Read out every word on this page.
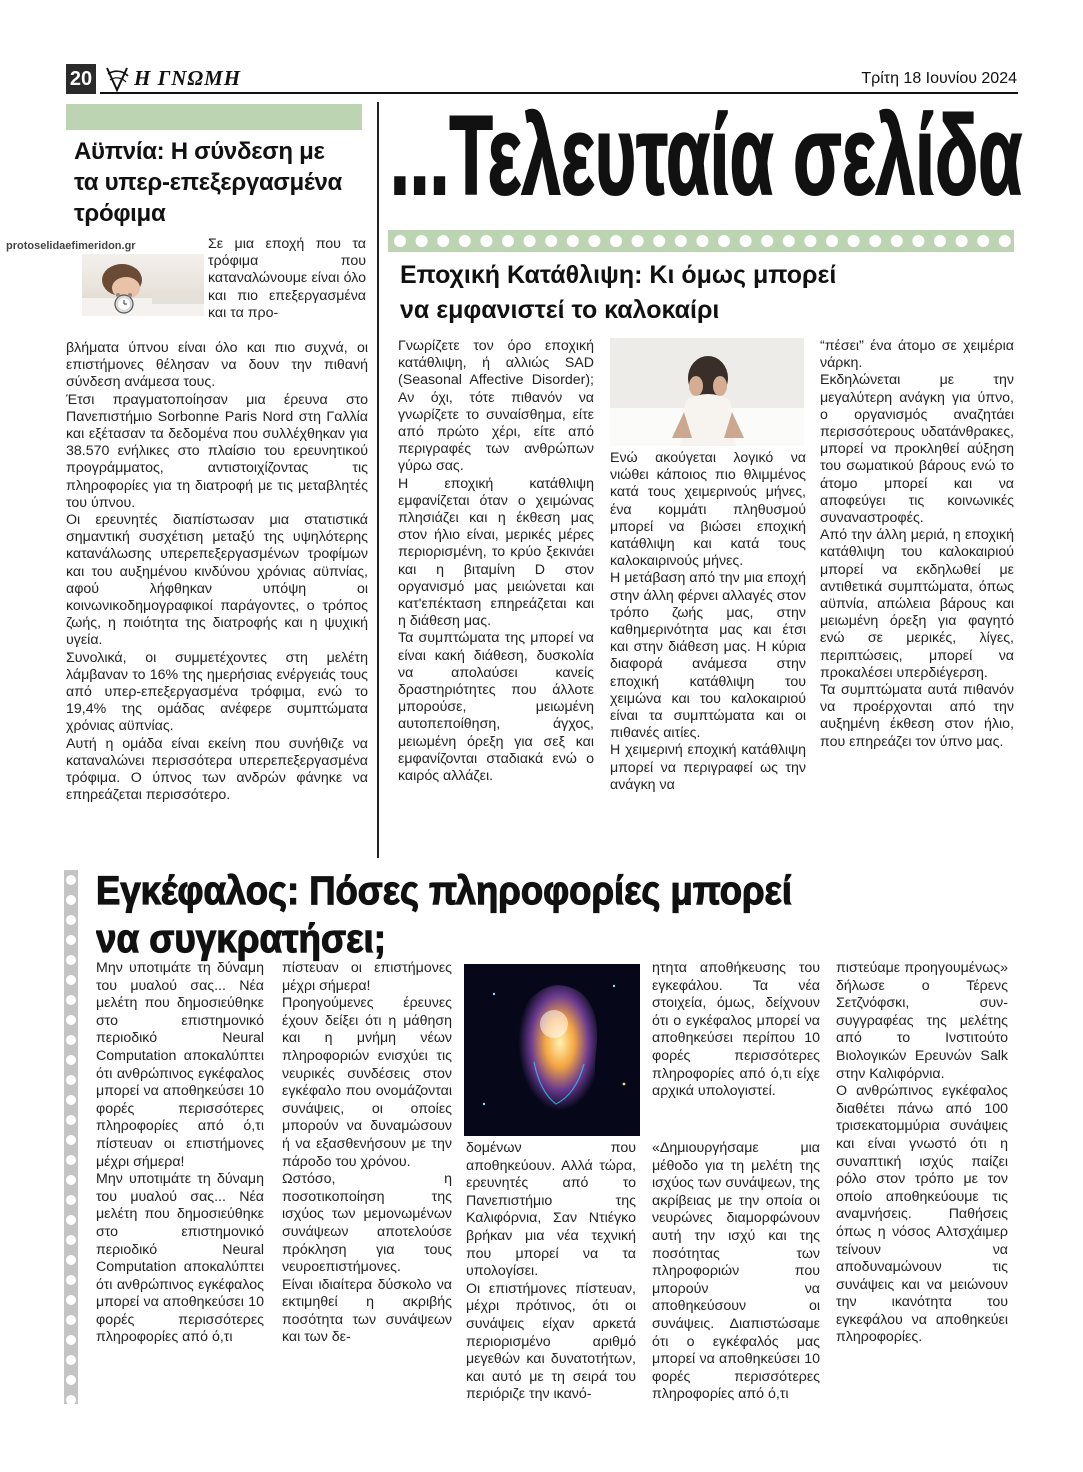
20 Η ΓΝΩΜΗ	Τρίτη 18 Ιουνίου 2024
Αϋπνία: Η σύνδεση με
τα υπερ-επεξεργασμένα
τρόφιμα
protoselidaefimeridon.gr	Σε μια εποχή που τα τρόφιμα που καταναλώνουμε είναι όλο και πιο επεξεργασμένα και τα προ-

βλήματα ύπνου είναι όλο και πιο συχνά, οι επιστήμονες θέλησαν να δουν την πιθανή σύνδεση ανάμεσα τους.

Έτσι πραγματοποίησαν μια έρευνα στο Πανεπιστήμιο Sorbonne Paris Nord στη Γαλλία και εξέτασαν τα δεδομένα που συλλέχθηκαν για 38.570 ενήλικες στο πλαίσιο του ερευνητικού προγράμματος, αντιστοιχίζοντας τις πληροφορίες για τη διατροφή με τις μεταβλητές του ύπνου.

Οι ερευνητές διαπίστωσαν μια στατιστικά σημαντική συσχέτιση μεταξύ της υψηλότερης κατανάλωσης υπερεπεξεργασμένων τροφίμων και του αυξημένου κινδύνου χρόνιας αϋπνίας, αφού λήφθηκαν υπόψη οι κοινωνικοδημογραφικοί παράγοντες, ο τρόπος ζωής, η ποιότητα της διατροφής και η ψυχική υγεία.

Συνολικά, οι συμμετέχοντες στη μελέτη λάμβαναν το 16% της ημερήσιας ενέργειάς τους από υπερ-επεξεργασμένα τρόφιμα, ενώ το 19,4% της ομάδας ανέφερε συμπτώματα χρόνιας αϋπνίας.

Αυτή η ομάδα είναι εκείνη που συνήθιζε να καταναλώνει περισσότερα υπερεπεξεργασμένα τρόφιμα. Ο ύπνος των ανδρών φάνηκε να επηρεάζεται περισσότερο.

...Τελευταία σελίδα
Εποχική Κατάθλιψη: Κι όμως μπορεί
να εμφανιστεί το καλοκαίρι

Γνωρίζετε τον όρο εποχική κατάθλιψη, ή αλλιώς SAD (Seasonal Affective Disorder); Αν όχι, τότε πιθανόν να γνωρίζετε το συναίσθημα, είτε από πρώτο χέρι, είτε από περιγραφές των ανθρώπων γύρω σας.

Η εποχική κατάθλιψη εμφανίζεται όταν ο χειμώνας πλησιάζει και η έκθεση μας στον ήλιο είναι, μερικές μέρες περιορισμένη, το κρύο ξεκινάει και η βιταμίνη D στον οργανισμό μας μειώνεται και κατ'επέκταση επηρεάζεται και η διάθεση μας.

Τα συμπτώματα της μπορεί να είναι κακή διάθεση, δυσκολία να απολαύσει κανείς δραστηριότητες που άλλοτε μπορούσε, μειωμένη αυτοπεποίθηση, άγχος, μειωμένη όρεξη για σεξ και εμφανίζονται σταδιακά ενώ ο καιρός αλλάζει.

Ενώ ακούγεται λογικό να νιώθει κάποιος πιο θλιμμένος κατά τους χειμερινούς μήνες, ένα κομμάτι πληθυσμού μπορεί να βιώσει εποχική κατάθλιψη και κατά τους καλοκαιρινούς μήνες.

Η μετάβαση από την μια εποχή στην άλλη φέρνει αλλαγές στον τρόπο ζωής μας, στην καθημερινότητα μας και έτσι και στην διάθεση μας. Η κύρια διαφορά ανάμεσα στην εποχική κατάθλιψη του χειμώνα και του καλοκαιριού είναι τα συμπτώματα και οι πιθανές αιτίες.

Η χειμερινή εποχική κατάθλιψη μπορεί να περιγραφεί ως την ανάγκη να

“πέσει” ένα άτομο σε χειμέρια νάρκη.

Εκδηλώνεται με την μεγαλύτερη ανάγκη για ύπνο, ο οργανισμός αναζητάει περισσότερους υδατάνθρακες, μπορεί να προκληθεί αύξηση του σωματικού βάρους ενώ το άτομο μπορεί και να αποφεύγει τις κοινωνικές συναναστροφές.

Από την άλλη μεριά, η εποχική κατάθλιψη του καλοκαιριού μπορεί να εκδηλωθεί με αντιθετικά συμπτώματα, όπως αϋπνία, απώλεια βάρους και μειωμένη όρεξη για φαγητό ενώ σε μερικές, λίγες, περιπτώσεις, μπορεί να προκαλέσει υπερδιέγερση.

Τα συμπτώματα αυτά πιθανόν να προέρχονται από την αυξημένη έκθεση στον ήλιο, που επηρεάζει τον ύπνο μας.

Εγκέφαλος: Πόσες πληροφορίες μπορεί
να συγκρατήσει;

Μην υποτιμάτε τη δύναμη του μυαλού σας... Νέα μελέτη που δημοσιεύθηκε στο επιστημονικό περιοδικό Neural Computation αποκαλύπτει ότι ανθρώπινος εγκέφαλος μπορεί να αποθηκεύσει 10 φορές περισσότερες πληροφορίες από ό,τι πίστευαν οι επιστήμονες μέχρι σήμερα!

Μην υποτιμάτε τη δύναμη του μυαλού σας... Νέα μελέτη που δημοσιεύθηκε στο επιστημονικό περιοδικό Neural Computation αποκαλύπτει ότι ανθρώπινος εγκέφαλος μπορεί να αποθηκεύσει 10 φορές περισσότερες πληροφορίες από ό,τι

πίστευαν οι επιστήμονες μέχρι σήμερα!

Προηγούμενες έρευνες έχουν δείξει ότι η μάθηση και η μνήμη νέων πληροφοριών ενισχύει τις νευρικές συνδέσεις στον εγκέφαλο που ονομάζονται συνάψεις, οι οποίες μπορούν να δυναμώσουν ή να εξασθενήσουν με την πάροδο του χρόνου.

Ωστόσο, η ποσοτικοποίηση της ισχύος των μεμονωμένων συνάψεων αποτελούσε πρόκληση για τους νευροεπιστήμονες.

Είναι ιδιαίτερα δύσκολο να εκτιμηθεί η ακριβής ποσότητα των συνάψεων και των δε-

ητητα αποθήκευσης του εγκεφάλου. Τα νέα στοιχεία, όμως, δείχνουν ότι ο εγκέφαλος μπορεί να αποθηκεύσει περίπου 10 φορές περισσότερες πληροφορίες από ό,τι είχε αρχικά υπολογιστεί.

δομένων που αποθηκεύουν. Αλλά τώρα, ερευνητές από το Πανεπιστήμιο της Καλιφόρνια, Σαν Ντιέγκο βρήκαν μια νέα τεχνική που μπορεί να τα υπολογίσει.

Οι επιστήμονες πίστευαν, μέχρι πρότινος, ότι οι συνάψεις είχαν αρκετά περιορισμένο αριθμό μεγεθών και δυνατοτήτων, και αυτό με τη σειρά του περιόριζε την ικανό-

«Δημιουργήσαμε μια μέθοδο για τη μελέτη της ισχύος των συνάψεων, της ακρίβειας με την οποία οι νευρώνες διαμορφώνουν αυτή την ισχύ και της ποσότητας των πληροφοριών που μπορούν να αποθηκεύσουν οι συνάψεις. Διαπιστώσαμε ότι ο εγκέφαλός μας μπορεί να αποθηκεύσει 10 φορές περισσότερες πληροφορίες από ό,τι

πιστεύαμε προηγουμένως» δήλωσε ο Τέρενς Σετζνόφσκι, συν-συγγραφέας της μελέτης από το Ινστιτούτο Βιολογικών Ερευνών Salk στην Καλιφόρνια.

Ο ανθρώπινος εγκέφαλος διαθέτει πάνω από 100 τρισεκατομμύρια συνάψεις και είναι γνωστό ότι η συναπτική ισχύς παίζει ρόλο στον τρόπο με τον οποίο αποθηκεύουμε τις αναμνήσεις. Παθήσεις όπως η νόσος Αλτσχάιμερ τείνουν να αποδυναμώνουν τις συνάψεις και να μειώνουν την ικανότητα του εγκεφάλου να αποθηκεύει πληροφορίες.
